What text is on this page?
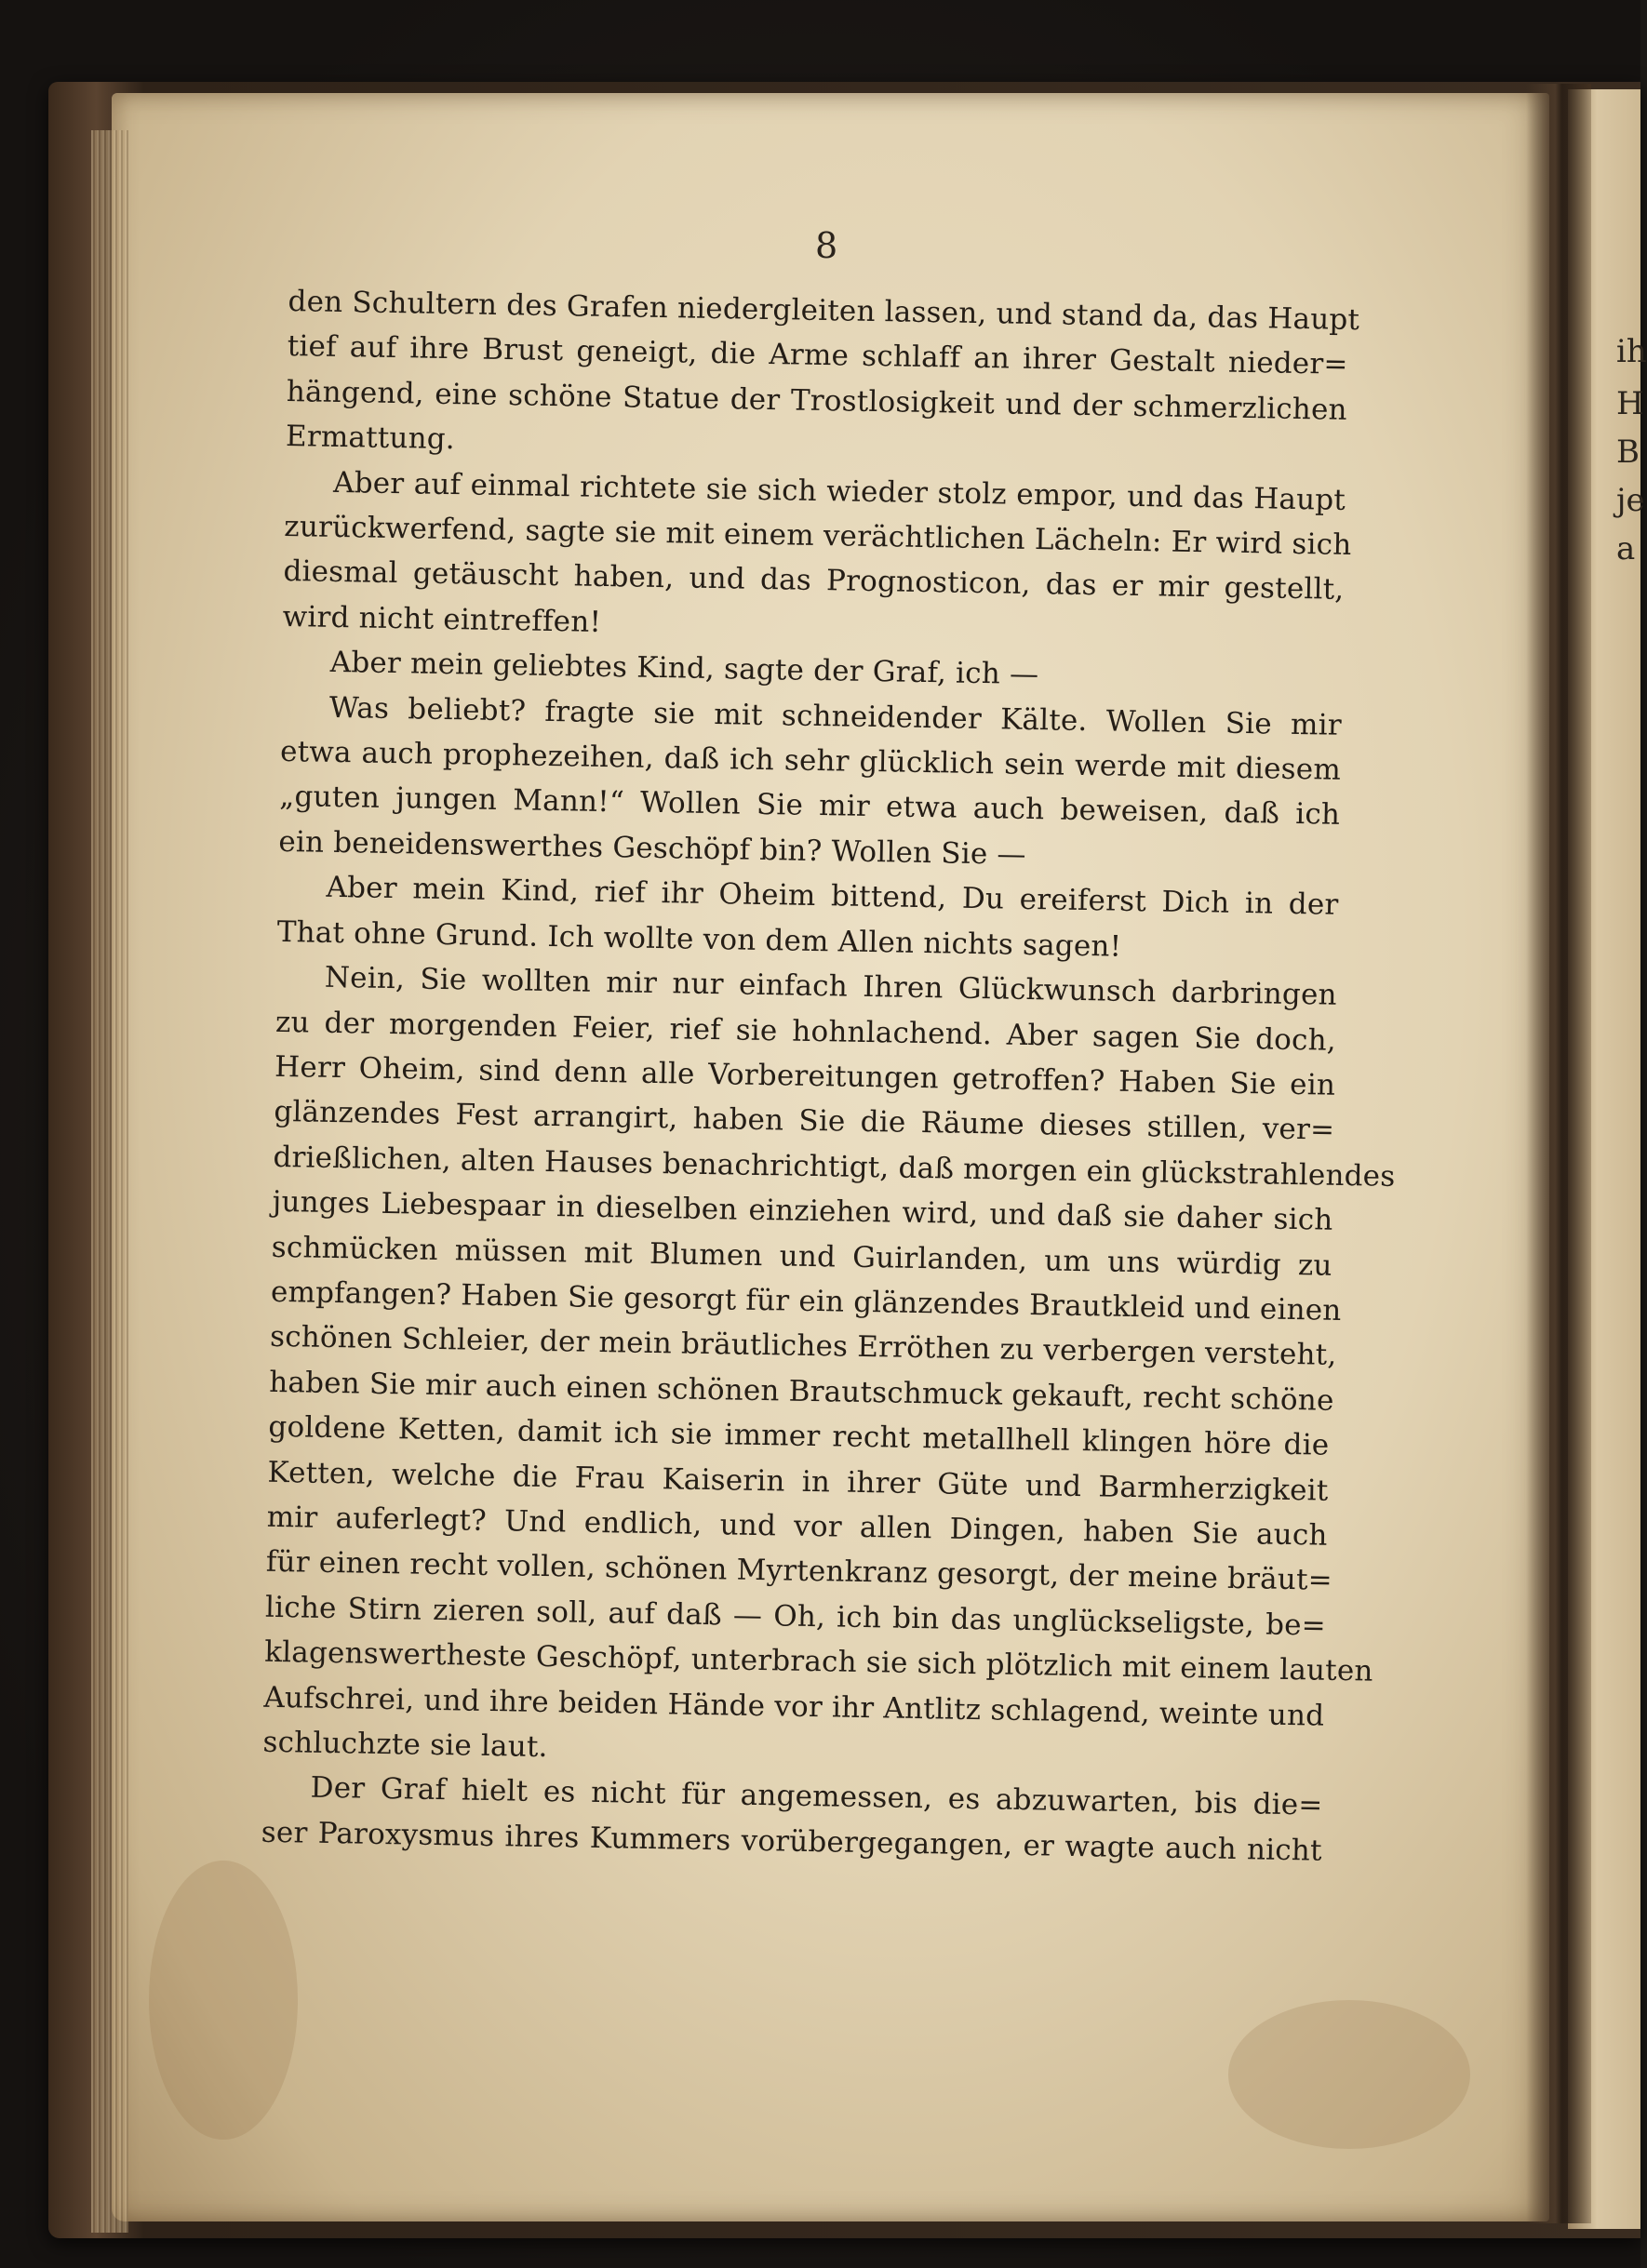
ih
H
B
je
a
8
den Schultern des Grafen niedergleiten lassen, und stand da, das Haupt
tief auf ihre Brust geneigt, die Arme schlaff an ihrer Gestalt nieder=
hängend, eine schöne Statue der Trostlosigkeit und der schmerzlichen
Ermattung.
Aber auf einmal richtete sie sich wieder stolz empor, und das Haupt
zurückwerfend, sagte sie mit einem verächtlichen Lächeln: Er wird sich
diesmal getäuscht haben, und das Prognosticon, das er mir gestellt,
wird nicht eintreffen!
Aber mein geliebtes Kind, sagte der Graf, ich —
Was beliebt? fragte sie mit schneidender Kälte. Wollen Sie mir
etwa auch prophezeihen, daß ich sehr glücklich sein werde mit diesem
„guten jungen Mann!“ Wollen Sie mir etwa auch beweisen, daß ich
ein beneidenswerthes Geschöpf bin? Wollen Sie —
Aber mein Kind, rief ihr Oheim bittend, Du ereiferst Dich in der
That ohne Grund. Ich wollte von dem Allen nichts sagen!
Nein, Sie wollten mir nur einfach Ihren Glückwunsch darbringen
zu der morgenden Feier, rief sie hohnlachend. Aber sagen Sie doch,
Herr Oheim, sind denn alle Vorbereitungen getroffen? Haben Sie ein
glänzendes Fest arrangirt, haben Sie die Räume dieses stillen, ver=
drießlichen, alten Hauses benachrichtigt, daß morgen ein glückstrahlendes
junges Liebespaar in dieselben einziehen wird, und daß sie daher sich
schmücken müssen mit Blumen und Guirlanden, um uns würdig zu
empfangen? Haben Sie gesorgt für ein glänzendes Brautkleid und einen
schönen Schleier, der mein bräutliches Erröthen zu verbergen versteht,
haben Sie mir auch einen schönen Brautschmuck gekauft, recht schöne
goldene Ketten, damit ich sie immer recht metallhell klingen höre die
Ketten, welche die Frau Kaiserin in ihrer Güte und Barmherzigkeit
mir auferlegt? Und endlich, und vor allen Dingen, haben Sie auch
für einen recht vollen, schönen Myrtenkranz gesorgt, der meine bräut=
liche Stirn zieren soll, auf daß — Oh, ich bin das unglückseligste, be=
klagenswertheste Geschöpf, unterbrach sie sich plötzlich mit einem lauten
Aufschrei, und ihre beiden Hände vor ihr Antlitz schlagend, weinte und
schluchzte sie laut.
Der Graf hielt es nicht für angemessen, es abzuwarten, bis die=
ser Paroxysmus ihres Kummers vorübergegangen, er wagte auch nicht
